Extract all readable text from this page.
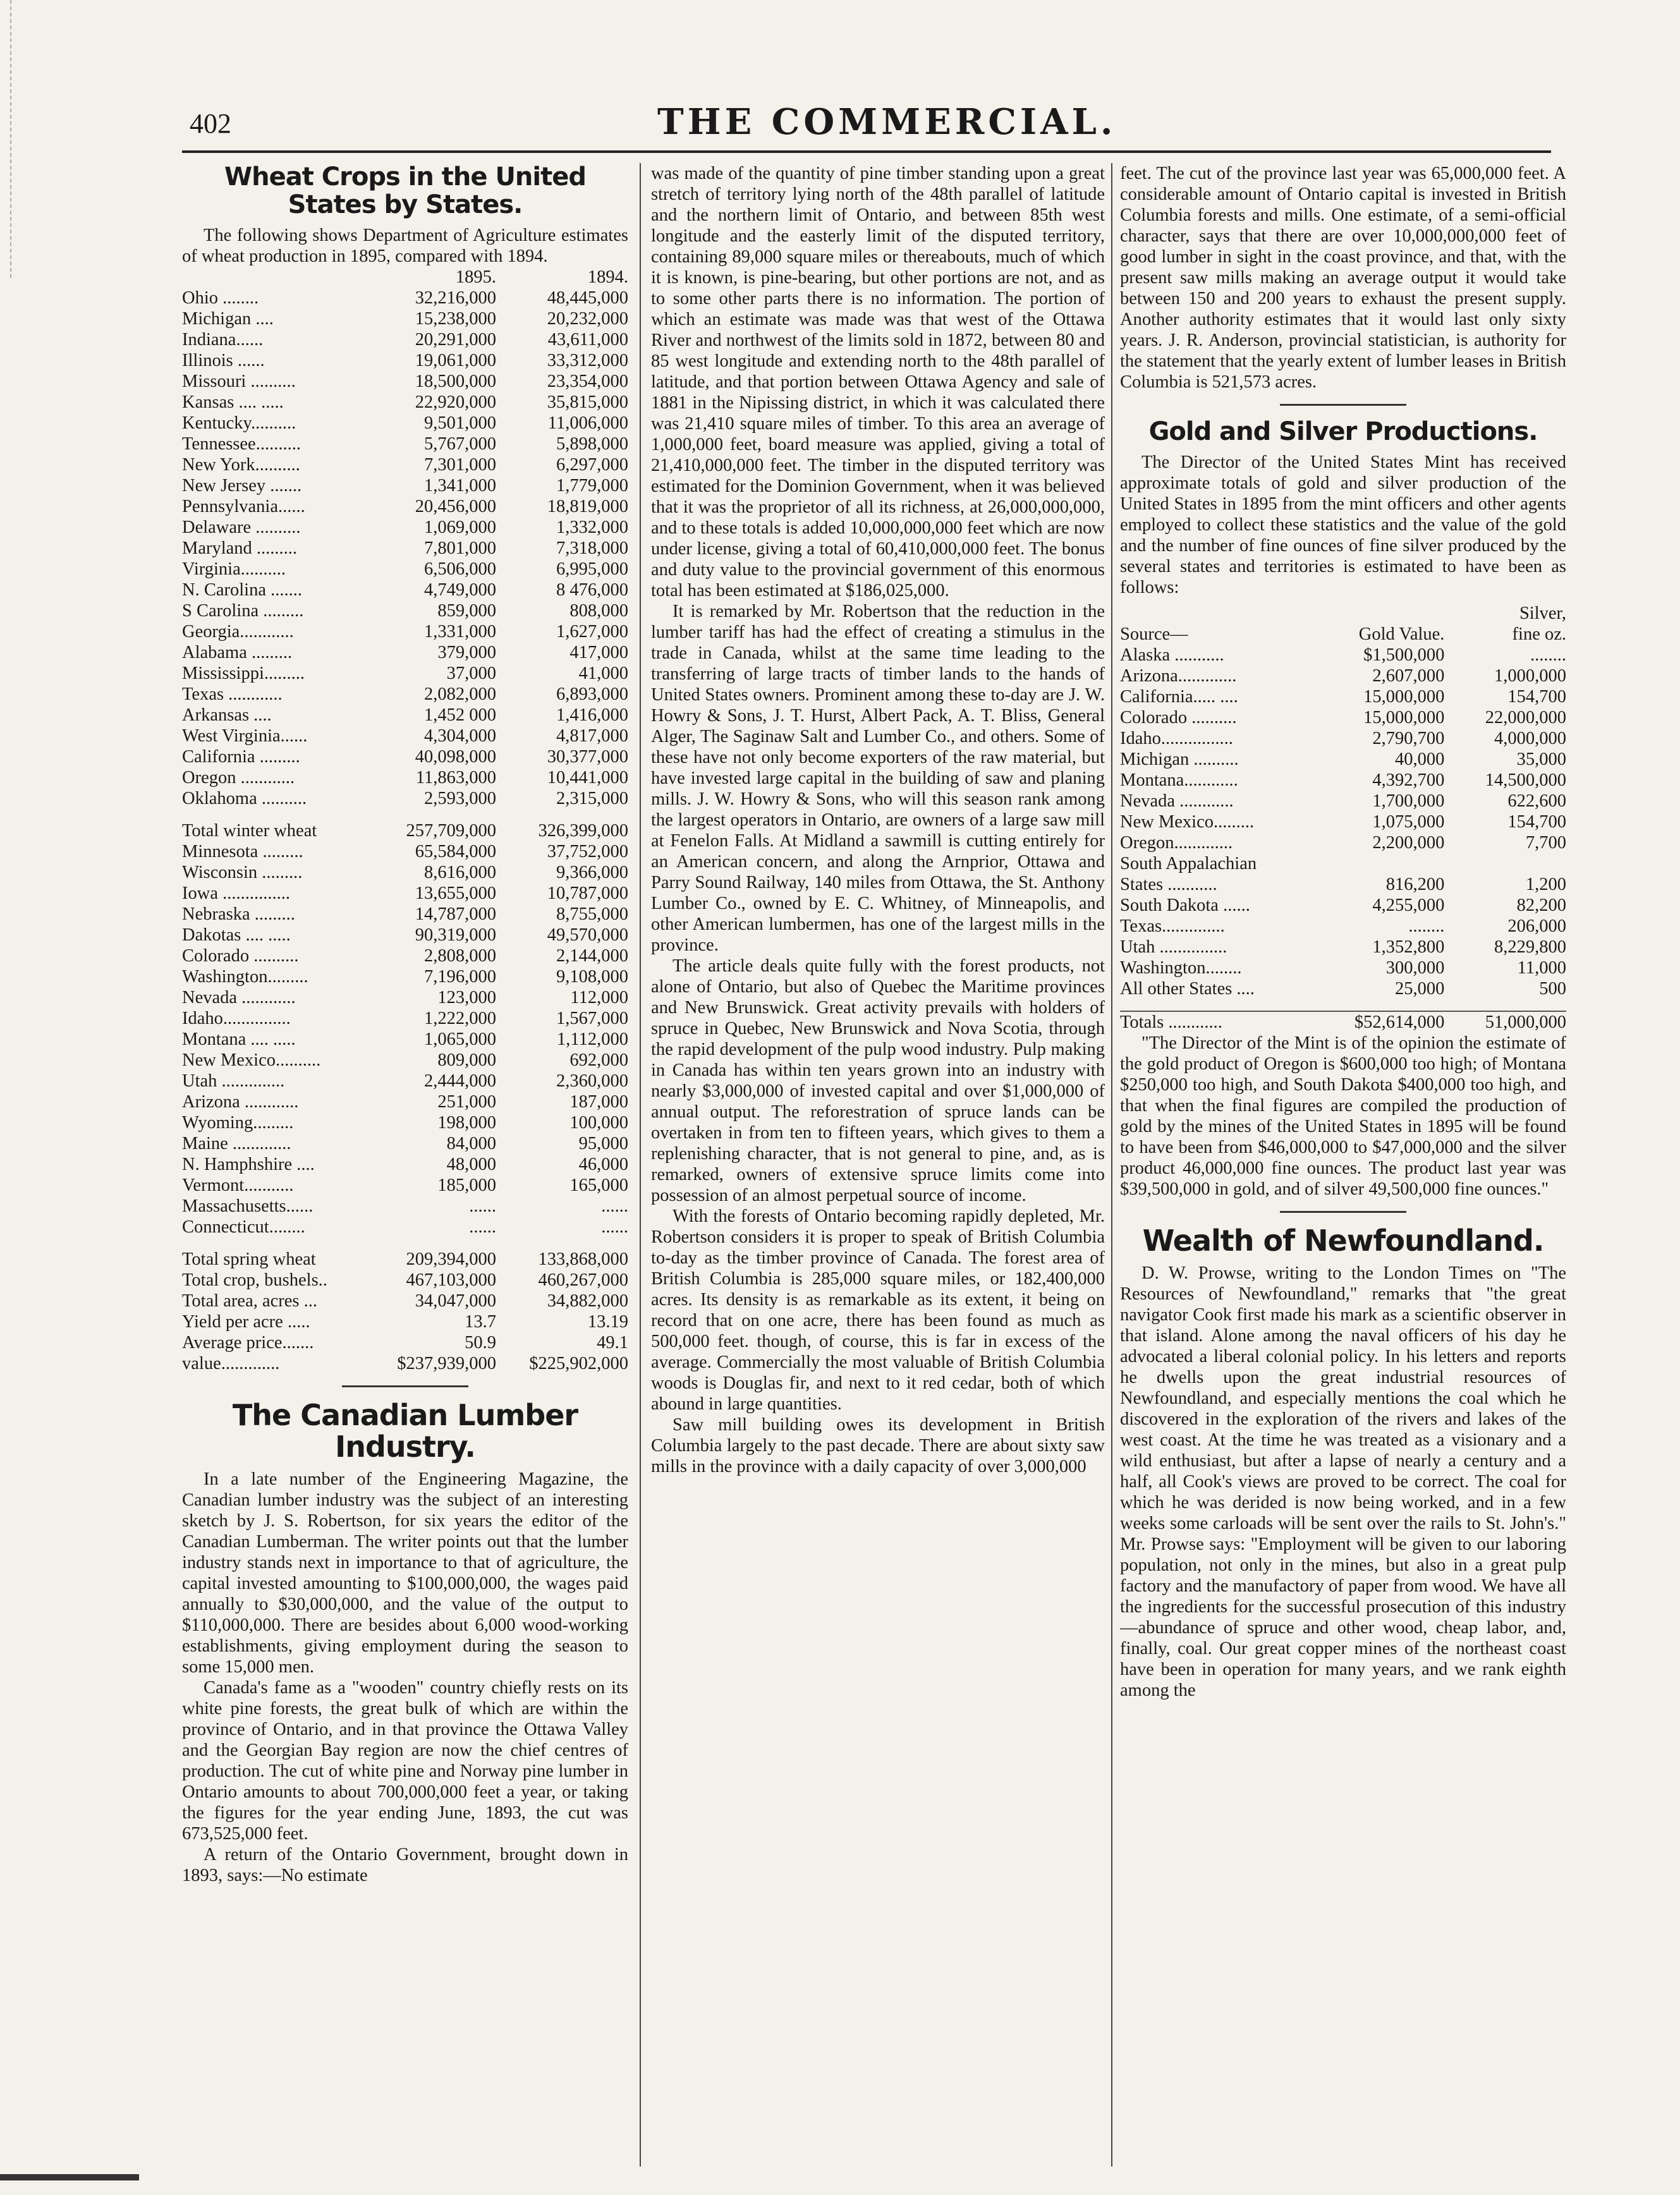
402	THE COMMERCIAL.
Wheat Crops in the United States by States.

The following shows Department of Agriculture estimates of wheat production in 1895, compared with 1894.

	1895.	1894.
Ohio ........	32,216,000	48,445,000
Michigan ....	15,238,000	20,232,000
Indiana......	20,291,000	43,611,000
Illinois ......	19,061,000	33,312,000
Missouri ..........	18,500,000	23,354,000
Kansas .... .....	22,920,000	35,815,000
Kentucky..........	9,501,000	11,006,000
Tennessee..........	5,767,000	5,898,000
New York..........	7,301,000	6,297,000
New Jersey .......	1,341,000	1,779,000
Pennsylvania......	20,456,000	18,819,000
Delaware ..........	1,069,000	1,332,000
Maryland .........	7,801,000	7,318,000
Virginia..........	6,506,000	6,995,000
N. Carolina .......	4,749,000	8 476,000
S Carolina .........	859,000	808,000
Georgia............	1,331,000	1,627,000
Alabama .........	379,000	417,000
Mississippi.........	37,000	41,000
Texas ............	2,082,000	6,893,000
Arkansas ....	1,452 000	1,416,000
West Virginia......	4,304,000	4,817,000
California .........	40,098,000	30,377,000
Oregon ............	11,863,000	10,441,000
Oklahoma ..........	2,593,000	2,315,000

Total winter wheat	257,709,000	326,399,000
Minnesota .........	65,584,000	37,752,000
Wisconsin .........	8,616,000	9,366,000
Iowa ...............	13,655,000	10,787,000
Nebraska .........	14,787,000	8,755,000
Dakotas .... .....	90,319,000	49,570,000
Colorado ..........	2,808,000	2,144,000
Washington.........	7,196,000	9,108,000
Nevada ............	123,000	112,000
Idaho...............	1,222,000	1,567,000
Montana .... .....	1,065,000	1,112,000
New Mexico..........	809,000	692,000
Utah ..............	2,444,000	2,360,000
Arizona ............	251,000	187,000
Wyoming.........	198,000	100,000
Maine .............	84,000	95,000
N. Hamphshire ....	48,000	46,000
Vermont...........	185,000	165,000
Massachusetts......	......	......
Connecticut........	......	......

Total spring wheat	209,394,000	133,868,000
Total crop, bushels..	467,103,000	460,267,000
Total area, acres ...	34,047,000	34,882,000
Yield per acre .....	13.7	13.19
Average price.......	50.9	49.1
value.............	$237,939,000	$225,902,000
The Canadian Lumber Industry.

In a late number of the Engineering Magazine, the Canadian lumber industry was the subject of an interesting sketch by J. S. Robertson, for six years the editor of the Canadian Lumberman. The writer points out that the lumber industry stands next in importance to that of agriculture, the capital invested amounting to $100,000,000, the wages paid annually to $30,000,000, and the value of the output to $110,000,000. There are besides about 6,000 wood-working establishments, giving employment during the season to some 15,000 men.

Canada's fame as a "wooden" country chiefly rests on its white pine forests, the great bulk of which are within the province of Ontario, and in that province the Ottawa Valley and the Georgian Bay region are now the chief centres of production. The cut of white pine and Norway pine lumber in Ontario amounts to about 700,000,000 feet a year, or taking the figures for the year ending June, 1893, the cut was 673,525,000 feet.

A return of the Ontario Government, brought down in 1893, says:—No estimate

was made of the quantity of pine timber standing upon a great stretch of territory lying north of the 48th parallel of latitude and the northern limit of Ontario, and between 85th west longitude and the easterly limit of the disputed territory, containing 89,000 square miles or thereabouts, much of which it is known, is pine-bearing, but other portions are not, and as to some other parts there is no information. The portion of which an estimate was made was that west of the Ottawa River and northwest of the limits sold in 1872, between 80 and 85 west longitude and extending north to the 48th parallel of latitude, and that portion between Ottawa Agency and sale of 1881 in the Nipissing district, in which it was calculated there was 21,410 square miles of timber. To this area an average of 1,000,000 feet, board measure was applied, giving a total of 21,410,000,000 feet. The timber in the disputed territory was estimated for the Dominion Government, when it was believed that it was the proprietor of all its richness, at 26,000,000,000, and to these totals is added 10,000,000,000 feet which are now under license, giving a total of 60,410,000,000 feet. The bonus and duty value to the provincial government of this enormous total has been estimated at $186,025,000.

It is remarked by Mr. Robertson that the reduction in the lumber tariff has had the effect of creating a stimulus in the trade in Canada, whilst at the same time leading to the transferring of large tracts of timber lands to the hands of United States owners. Prominent among these to-day are J. W. Howry & Sons, J. T. Hurst, Albert Pack, A. T. Bliss, General Alger, The Saginaw Salt and Lumber Co., and others. Some of these have not only become exporters of the raw material, but have invested large capital in the building of saw and planing mills. J. W. Howry & Sons, who will this season rank among the largest operators in Ontario, are owners of a large saw mill at Fenelon Falls. At Midland a sawmill is cutting entirely for an American concern, and along the Arnprior, Ottawa and Parry Sound Railway, 140 miles from Ottawa, the St. Anthony Lumber Co., owned by E. C. Whitney, of Minneapolis, and other American lumbermen, has one of the largest mills in the province.

The article deals quite fully with the forest products, not alone of Ontario, but also of Quebec the Maritime provinces and New Brunswick. Great activity prevails with holders of spruce in Quebec, New Brunswick and Nova Scotia, through the rapid development of the pulp wood industry. Pulp making in Canada has within ten years grown into an industry with nearly $3,000,000 of invested capital and over $1,000,000 of annual output. The reforestration of spruce lands can be overtaken in from ten to fifteen years, which gives to them a replenishing character, that is not general to pine, and, as is remarked, owners of extensive spruce limits come into possession of an almost perpetual source of income.

With the forests of Ontario becoming rapidly depleted, Mr. Robertson considers it is proper to speak of British Columbia to-day as the timber province of Canada. The forest area of British Columbia is 285,000 square miles, or 182,400,000 acres. Its density is as remarkable as its extent, it being on record that on one acre, there has been found as much as 500,000 feet. though, of course, this is far in excess of the average. Commercially the most valuable of British Columbia woods is Douglas fir, and next to it red cedar, both of which abound in large quantities.

Saw mill building owes its development in British Columbia largely to the past decade. There are about sixty saw mills in the province with a daily capacity of over 3,000,000

feet. The cut of the province last year was 65,000,000 feet. A considerable amount of Ontario capital is invested in British Columbia forests and mills. One estimate, of a semi-official character, says that there are over 10,000,000,000 feet of good lumber in sight in the coast province, and that, with the present saw mills making an average output it would take between 150 and 200 years to exhaust the present supply. Another authority estimates that it would last only sixty years. J. R. Anderson, provincial statistician, is authority for the statement that the yearly extent of lumber leases in British Columbia is 521,573 acres.

Gold and Silver Productions.

The Director of the United States Mint has received approximate totals of gold and silver production of the United States in 1895 from the mint officers and other agents employed to collect these statistics and the value of the gold and the number of fine ounces of fine silver produced by the several states and territories is estimated to have been as follows:

		Silver,
Source—	Gold Value.	fine oz.
Alaska ...........	$1,500,000	........
Arizona.............	2,607,000	1,000,000
California..... ....	15,000,000	154,700
Colorado ..........	15,000,000	22,000,000
Idaho................	2,790,700	4,000,000
Michigan ..........	40,000	35,000
Montana............	4,392,700	14,500,000
Nevada ............	1,700,000	622,600
New Mexico.........	1,075,000	154,700
Oregon.............	2,200,000	7,700
South Appalachian		
States ...........	816,200	1,200
South Dakota ......	4,255,000	82,200
Texas..............	........	206,000
Utah ...............	1,352,800	8,229,800
Washington........	300,000	11,000
All other States ....	25,000	500

Totals ............	$52,614,000	51,000,000

"The Director of the Mint is of the opinion the estimate of the gold product of Oregon is $600,000 too high; of Montana $250,000 too high, and South Dakota $400,000 too high, and that when the final figures are compiled the production of gold by the mines of the United States in 1895 will be found to have been from $46,000,000 to $47,000,000 and the silver product 46,000,000 fine ounces. The product last year was $39,500,000 in gold, and of silver 49,500,000 fine ounces."

Wealth of Newfoundland.

D. W. Prowse, writing to the London Times on "The Resources of Newfoundland," remarks that "the great navigator Cook first made his mark as a scientific observer in that island. Alone among the naval officers of his day he advocated a liberal colonial policy. In his letters and reports he dwells upon the great industrial resources of Newfoundland, and especially mentions the coal which he discovered in the exploration of the rivers and lakes of the west coast. At the time he was treated as a visionary and a wild enthusiast, but after a lapse of nearly a century and a half, all Cook's views are proved to be correct. The coal for which he was derided is now being worked, and in a few weeks some carloads will be sent over the rails to St. John's." Mr. Prowse says: "Employment will be given to our laboring population, not only in the mines, but also in a great pulp factory and the manufactory of paper from wood. We have all the ingredients for the successful prosecution of this industry—abundance of spruce and other wood, cheap labor, and, finally, coal. Our great copper mines of the northeast coast have been in operation for many years, and we rank eighth among the
